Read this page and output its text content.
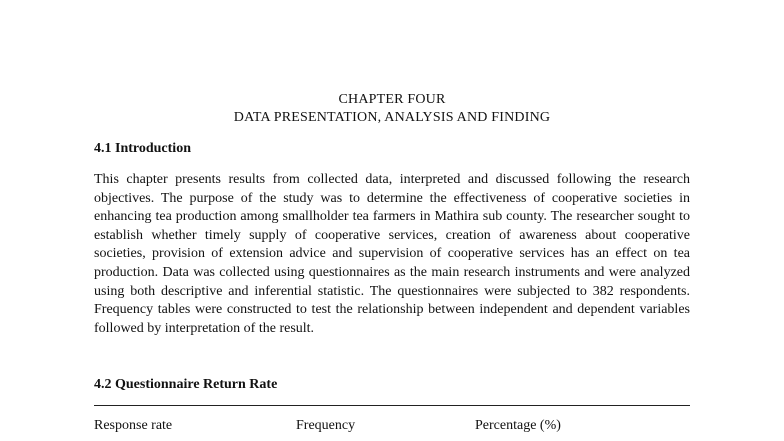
CHAPTER FOUR
DATA PRESENTATION, ANALYSIS AND FINDING
4.1 Introduction

This chapter presents results from collected data, interpreted and discussed following the research objectives. The purpose of the study was to determine the effectiveness of cooperative societies in enhancing tea production among smallholder tea farmers in Mathira sub county. The researcher sought to establish whether timely supply of cooperative services, creation of awareness about cooperative societies, provision of extension advice and supervision of cooperative services has an effect on tea production. Data was collected using questionnaires as the main research instruments and were analyzed using both descriptive and inferential statistic. The questionnaires were subjected to 382 respondents. Frequency tables were constructed to test the relationship between independent and dependent variables followed by interpretation of the result.

4.2 Questionnaire Return Rate
Response rate	Frequency	Percentage (%)
